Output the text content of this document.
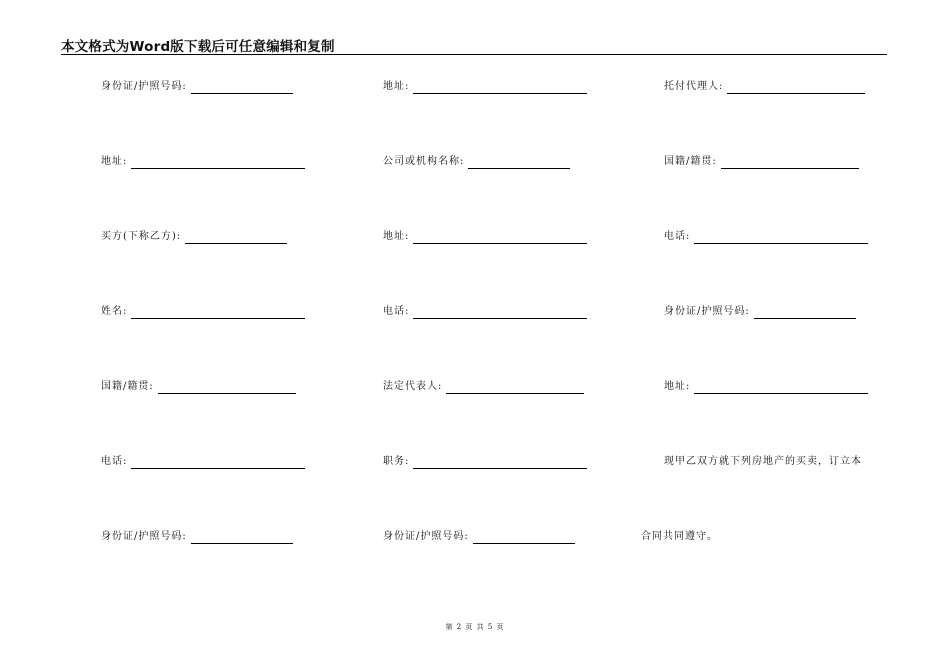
本文格式为Word版下载后可任意编辑和复制
身份证/护照号码:	地址:	托付代理人:
地址:	公司或机构名称:	国籍/籍贯:
买方(下称乙方):	地址:	电话:
姓名:	电话:	身份证/护照号码:
国籍/籍贯:	法定代表人:	地址:
电话:	职务:	现甲乙双方就下列房地产的买卖，订立本
身份证/护照号码:	身份证/护照号码:	合同共同遵守。
第 2 页 共 5 页
